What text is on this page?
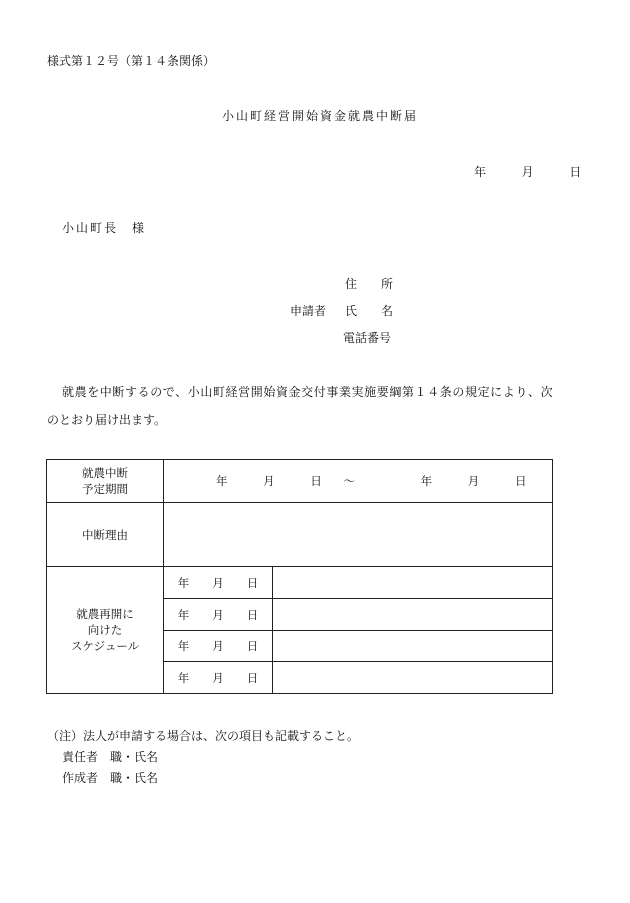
様式第１２号（第１４条関係）
小山町経営開始資金就農中断届
年	月	日
小山町長　様
住　　所
申請者 氏　　名
電話番号
就農を中断するので、小山町経営開始資金交付事業実施要綱第１４条の規定により、次
のとおり届け出ます。
就農中断
予定期間	年 月 日 〜 年 月 日	
中断理由		

就農再開に
向けた
スケジュール	年　　月　　日	
	年　　月　　日	
	年　　月　　日	
	年　　月　　日	
（注）法人が申請する場合は、次の項目も記載すること。
責任者　職・氏名
作成者　職・氏名
